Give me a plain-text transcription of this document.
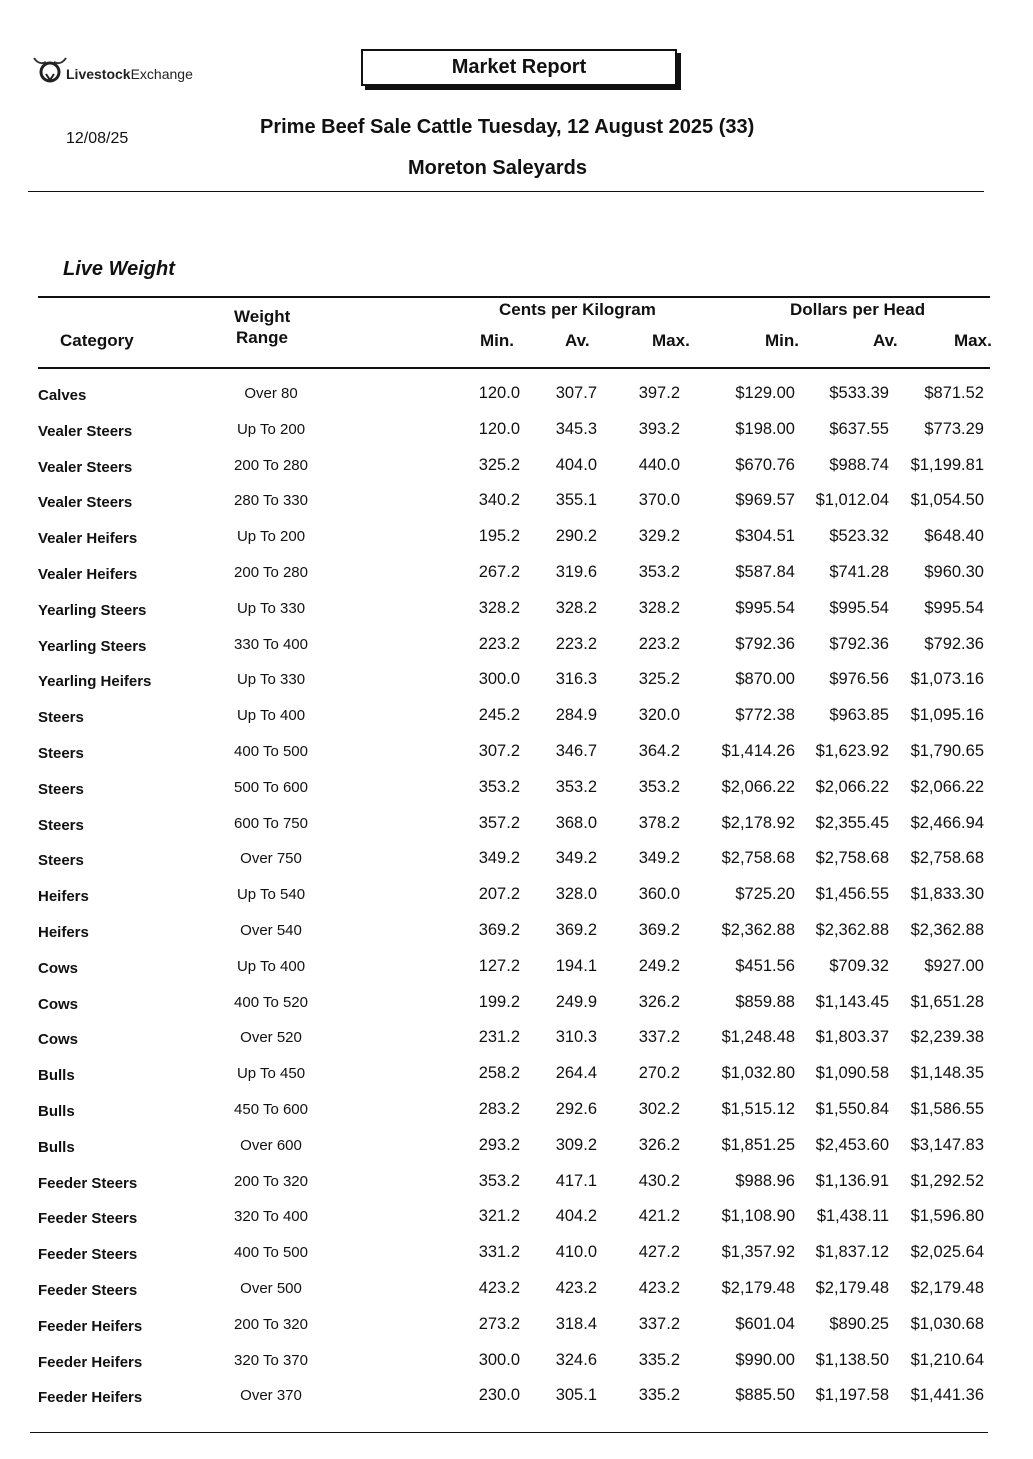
LivestockExchange	Market Report
12/08/25
Prime Beef Sale Cattle Tuesday, 12 August 2025 (33)
Moreton Saleyards
Live Weight
Category
Weight
Range
Cents per Kilogram	Dollars per Head
Min.	Av.	Max.	Min.	Av.	Max.
Calves	Over 80	120.0 307.7	397.2	$129.00 $533.39 $871.52
Vealer Steers	Up To 200	120.0 345.3	393.2	$198.00 $637.55 $773.29
Vealer Steers	200 To 280	325.2 404.0	440.0	$670.76 $988.74 $1,199.81
Vealer Steers	280 To 330	340.2 355.1	370.0	$969.57 $1,012.04 $1,054.50
Vealer Heifers	Up To 200	195.2 290.2	329.2	$304.51 $523.32 $648.40
Vealer Heifers	200 To 280	267.2 319.6	353.2	$587.84 $741.28 $960.30
Yearling Steers	Up To 330	328.2 328.2	328.2	$995.54 $995.54 $995.54
Yearling Steers	330 To 400	223.2 223.2	223.2	$792.36 $792.36 $792.36
Yearling Heifers	Up To 330	300.0 316.3	325.2	$870.00 $976.56 $1,073.16
Steers	Up To 400	245.2 284.9	320.0	$772.38 $963.85 $1,095.16
Steers	400 To 500	307.2 346.7	364.2	$1,414.26 $1,623.92 $1,790.65
Steers	500 To 600	353.2 353.2	353.2	$2,066.22 $2,066.22 $2,066.22
Steers	600 To 750	357.2 368.0	378.2	$2,178.92 $2,355.45 $2,466.94
Steers	Over 750	349.2 349.2	349.2	$2,758.68 $2,758.68 $2,758.68
Heifers	Up To 540	207.2 328.0	360.0	$725.20 $1,456.55 $1,833.30
Heifers	Over 540	369.2 369.2	369.2	$2,362.88 $2,362.88 $2,362.88
Cows	Up To 400	127.2 194.1	249.2	$451.56 $709.32 $927.00
Cows	400 To 520	199.2 249.9	326.2	$859.88 $1,143.45 $1,651.28
Cows	Over 520	231.2 310.3	337.2	$1,248.48 $1,803.37 $2,239.38
Bulls	Up To 450	258.2 264.4	270.2	$1,032.80 $1,090.58 $1,148.35
Bulls	450 To 600	283.2 292.6	302.2	$1,515.12 $1,550.84 $1,586.55
Bulls	Over 600	293.2 309.2	326.2	$1,851.25 $2,453.60 $3,147.83
Feeder Steers	200 To 320	353.2 417.1	430.2	$988.96 $1,136.91 $1,292.52
Feeder Steers	320 To 400	321.2 404.2	421.2	$1,108.90 $1,438.11 $1,596.80
Feeder Steers	400 To 500	331.2 410.0	427.2	$1,357.92 $1,837.12 $2,025.64
Feeder Steers	Over 500	423.2 423.2	423.2	$2,179.48 $2,179.48 $2,179.48
Feeder Heifers	200 To 320	273.2 318.4	337.2	$601.04 $890.25 $1,030.68
Feeder Heifers	320 To 370	300.0 324.6	335.2	$990.00 $1,138.50 $1,210.64
Feeder Heifers	Over 370	230.0 305.1	335.2	$885.50 $1,197.58 $1,441.36
